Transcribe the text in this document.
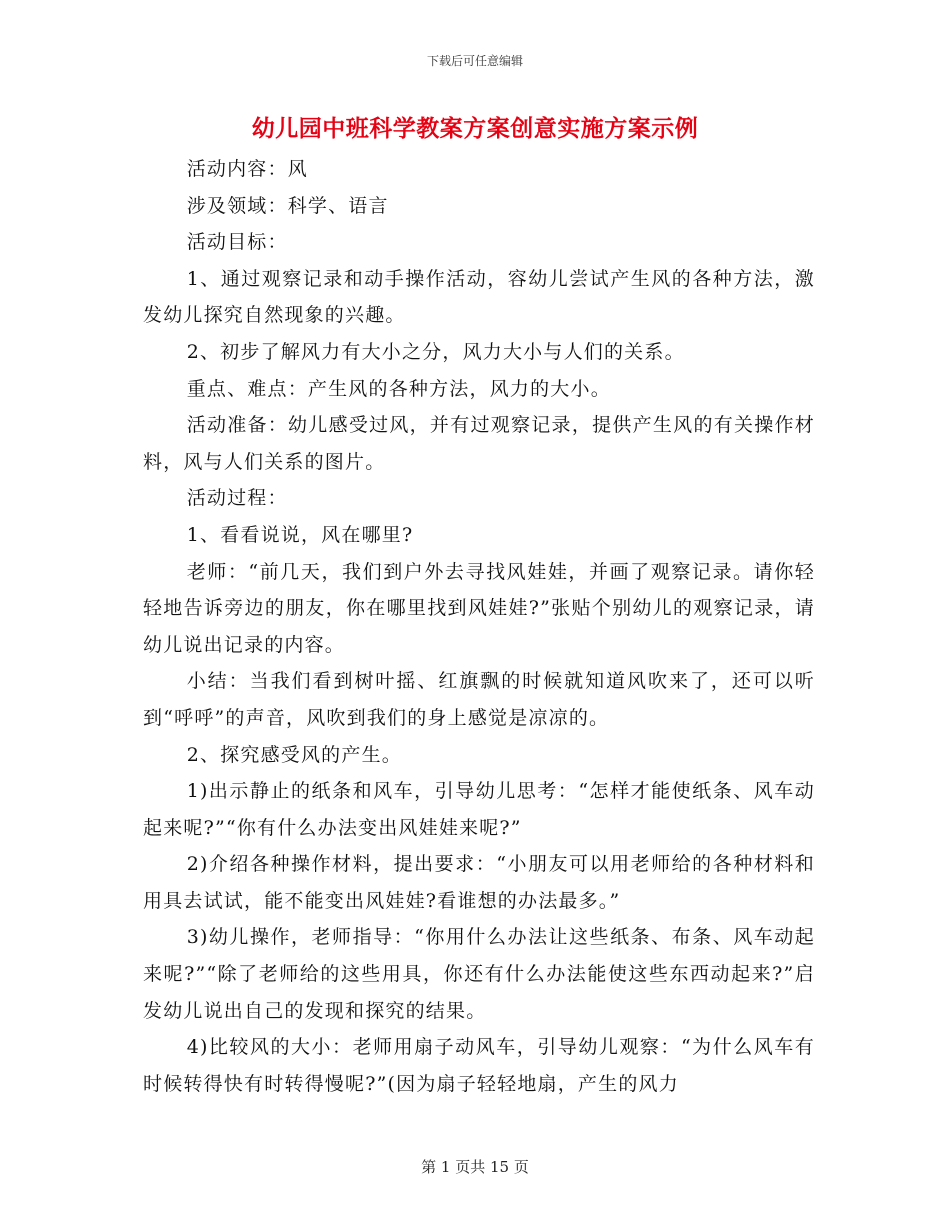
下载后可任意编辑
幼儿园中班科学教案方案创意实施方案示例

活动内容：风

涉及领域：科学、语言

活动目标：

1、通过观察记录和动手操作活动，容幼儿尝试产生风的各种方法，激发幼儿探究自然现象的兴趣。

2、初步了解风力有大小之分，风力大小与人们的关系。

重点、难点：产生风的各种方法，风力的大小。

活动准备：幼儿感受过风，并有过观察记录，提供产生风的有关操作材料，风与人们关系的图片。

活动过程：

1、看看说说，风在哪里?

老师：“前几天，我们到户外去寻找风娃娃，并画了观察记录。请你轻轻地告诉旁边的朋友，你在哪里找到风娃娃?”张贴个别幼儿的观察记录，请幼儿说出记录的内容。

小结：当我们看到树叶摇、红旗飘的时候就知道风吹来了，还可以听到“呼呼”的声音，风吹到我们的身上感觉是凉凉的。

2、探究感受风的产生。

1)出示静止的纸条和风车，引导幼儿思考：“怎样才能使纸条、风车动起来呢?”“你有什么办法变出风娃娃来呢?”

2)介绍各种操作材料，提出要求：“小朋友可以用老师给的各种材料和用具去试试，能不能变出风娃娃?看谁想的办法最多。”

3)幼儿操作，老师指导：“你用什么办法让这些纸条、布条、风车动起来呢?”“除了老师给的这些用具，你还有什么办法能使这些东西动起来?”启发幼儿说出自己的发现和探究的结果。

4)比较风的大小：老师用扇子动风车，引导幼儿观察：“为什么风车有时候转得快有时转得慢呢?”(因为扇子轻轻地扇，产生的风力

第 1 页共 15 页
